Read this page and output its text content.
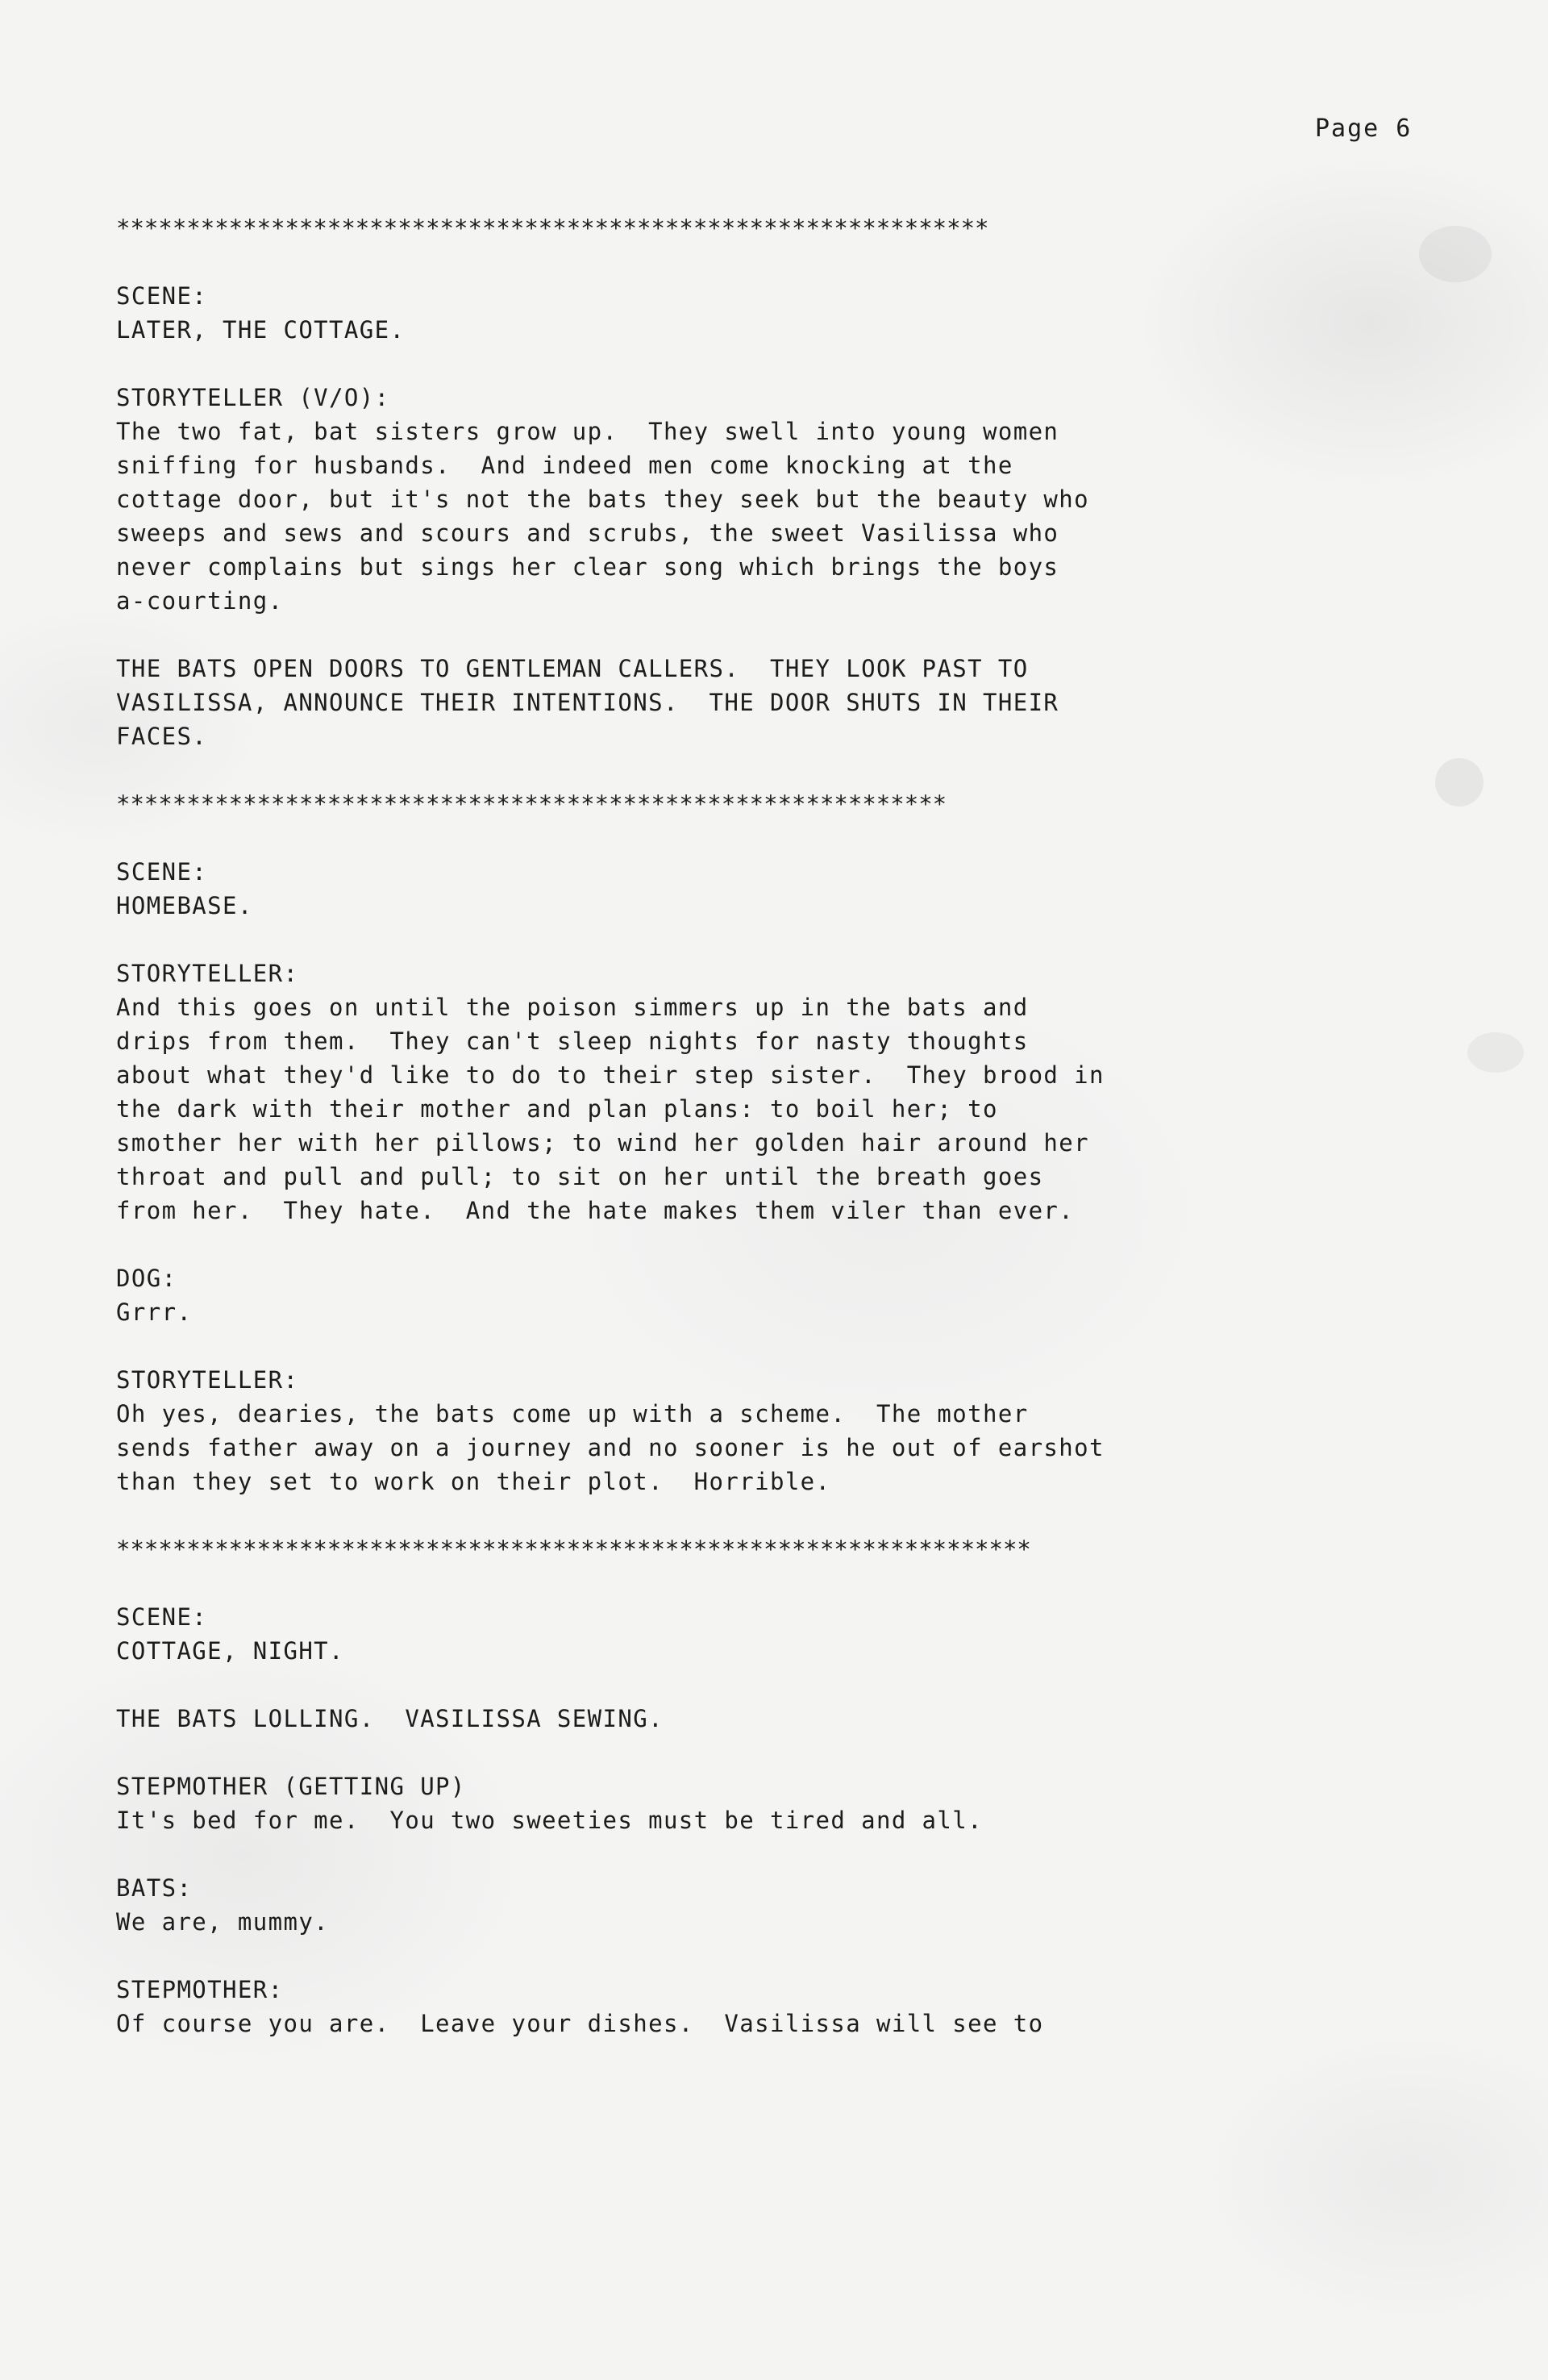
Page 6
**************************************************************
SCENE:
LATER, THE COTTAGE.
STORYTELLER (V/O):
The two fat, bat sisters grow up.  They swell into young women
sniffing for husbands.  And indeed men come knocking at the
cottage door, but it's not the bats they seek but the beauty who
sweeps and sews and scours and scrubs, the sweet Vasilissa who
never complains but sings her clear song which brings the boys
a-courting.
THE BATS OPEN DOORS TO GENTLEMAN CALLERS.  THEY LOOK PAST TO
VASILISSA, ANNOUNCE THEIR INTENTIONS.  THE DOOR SHUTS IN THEIR
FACES.
***********************************************************
SCENE:
HOMEBASE.
STORYTELLER:
And this goes on until the poison simmers up in the bats and
drips from them.  They can't sleep nights for nasty thoughts
about what they'd like to do to their step sister.  They brood in
the dark with their mother and plan plans: to boil her; to
smother her with her pillows; to wind her golden hair around her
throat and pull and pull; to sit on her until the breath goes
from her.  They hate.  And the hate makes them viler than ever.
DOG:
Grrr.
STORYTELLER:
Oh yes, dearies, the bats come up with a scheme.  The mother
sends father away on a journey and no sooner is he out of earshot
than they set to work on their plot.  Horrible.
*****************************************************************
SCENE:
COTTAGE, NIGHT.
THE BATS LOLLING.  VASILISSA SEWING.
STEPMOTHER (GETTING UP)
It's bed for me.  You two sweeties must be tired and all.
BATS:
We are, mummy.
STEPMOTHER:
Of course you are.  Leave your dishes.  Vasilissa will see to
